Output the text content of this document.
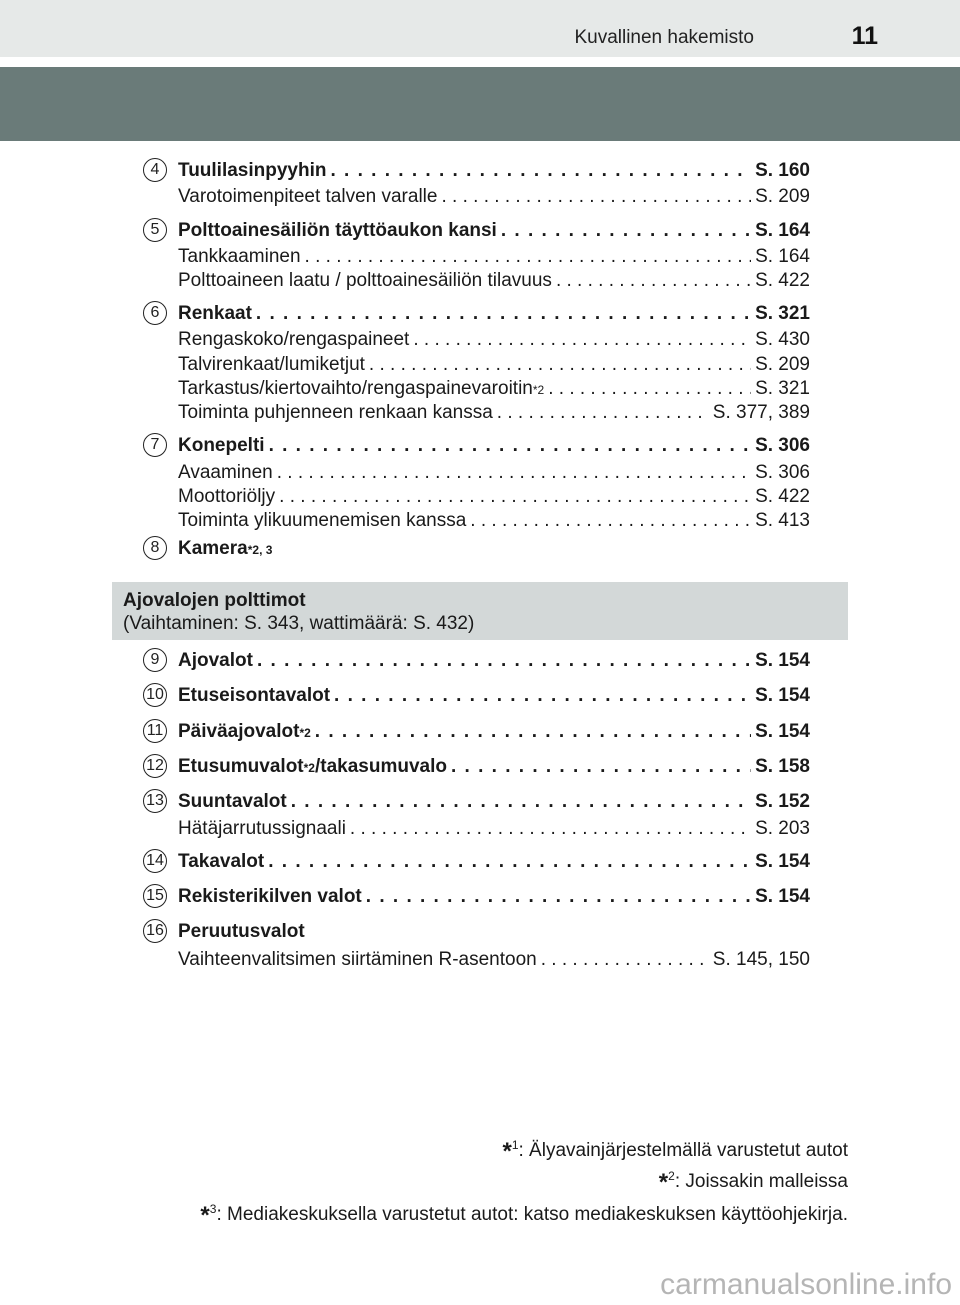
Kuvallinen hakemisto	11
Ajovalojen polttimot
(Vaihtaminen: S. 343, wattimäärä: S. 432)
*$^1$: Älyavainjärjestelmällä varustetut autot
*$^2$: Joissakin malleissa
*$^3$: Mediakeskuksella varustetut autot: katso mediakeskuksen käyttöohjekirja.
carmanualsonline.info
4 Tuulilasinpyyhin . . .	S. 160
Varotoimenpiteet talven varalle . . .	S. 209
5 Polttoainesäiliön täyttöaukon kansi . . .	S. 164
Tankkaaminen . . .	S. 164
Polttoaineen laatu / polttoainesäiliön tilavuus . . .	S. 422
6 Renkaat . . .	S. 321
Rengaskoko/rengaspaineet . . .	S. 430
Talvirenkaat/lumiketjut . . .	S. 209
Tarkastus/kiertovaihto/rengaspainevaroitin *2 . . .	S. 321
Toiminta puhjenneen renkaan kanssa . . .	S. 377, 389
7 Konepelti . . .	S. 306
Avaaminen . . .	S. 306
Moottoriöljy . . .	S. 422
Toiminta ylikuumenemisen kanssa . . .	S. 413
8 Kamera *2, 3
9 Ajovalot . . .	S. 154
10 Etuseisontavalot . . .	S. 154
11 Päiväajovalot *2 . . .	S. 154
12 Etusumuvalot *2 /takasumuvalo . . .	S. 158
13 Suuntavalot . . .	S. 152
Hätäjarrutussignaali . . .	S. 203
14 Takavalot . . .	S. 154
15 Rekisterikilven valot . . .	S. 154
16 Peruutusvalot
Vaihteenvalitsimen siirtäminen R-asentoon . . .	S. 145, 150
